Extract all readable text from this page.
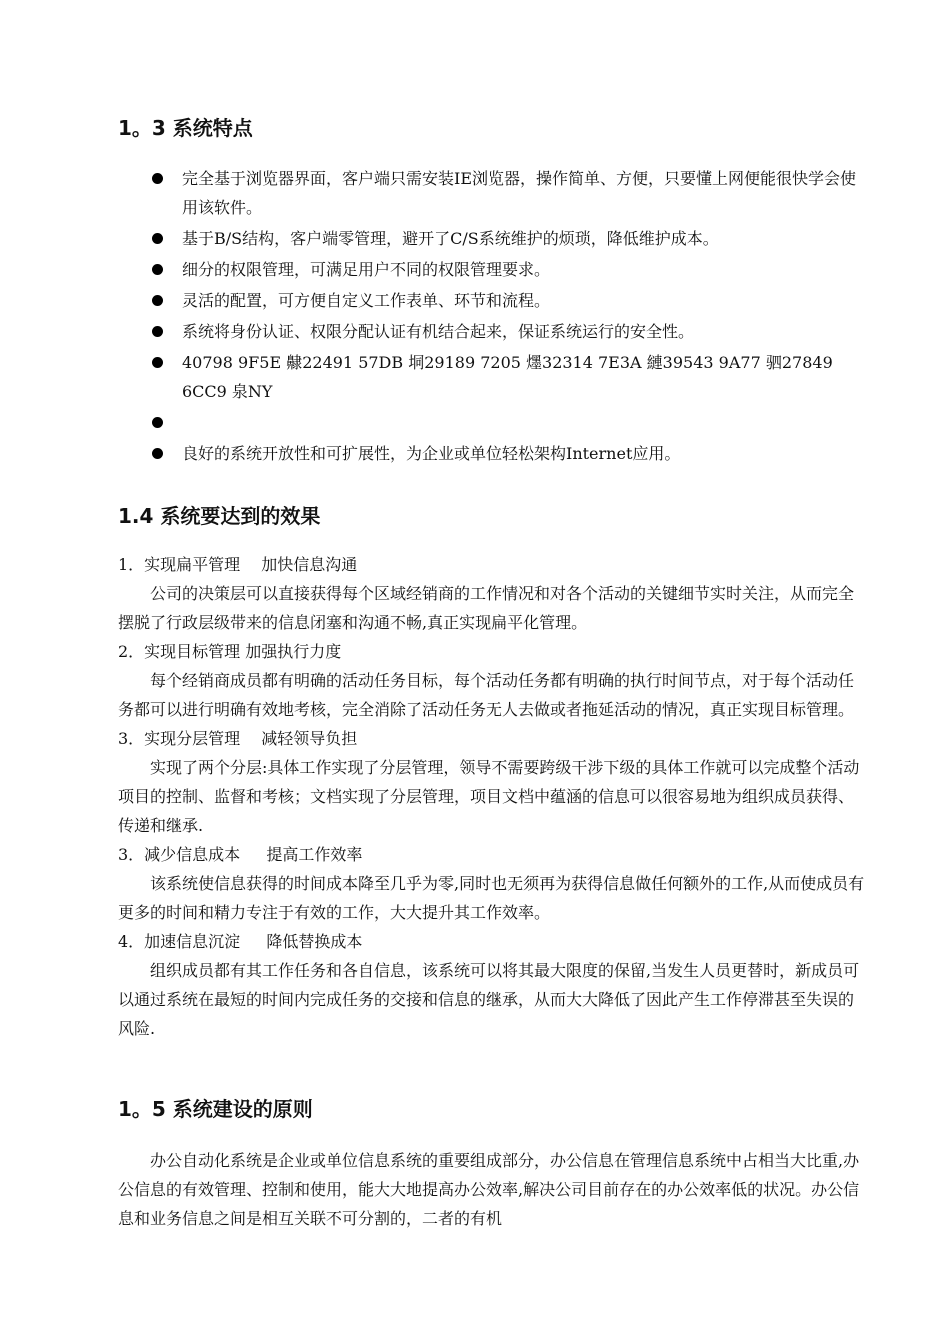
1。3 系统特点
完全基于浏览器界面，客户端只需安装IE浏览器，操作简单、方便，只要懂上网便能很快学会使用该软件。
基于B/S结构，客户端零管理，避开了C/S系统维护的烦琐，降低维护成本。
细分的权限管理，可满足用户不同的权限管理要求。
灵活的配置，可方便自定义工作表单、环节和流程。
系统将身份认证、权限分配认证有机结合起来，保证系统运行的安全性。
40798 9F5E 齂22491 57DB 垌29189 7205 爅32314 7E3A 縺39543 9A77 驷27849 6CC9 泉NY
良好的系统开放性和可扩展性，为企业或单位轻松架构Internet应用。
1.4 系统要达到的效果

1．实现扁平管理　 加快信息沟通

公司的决策层可以直接获得每个区域经销商的工作情况和对各个活动的关键细节实时关注，从而完全摆脱了行政层级带来的信息闭塞和沟通不畅,真正实现扁平化管理。

2．实现目标管理 加强执行力度

每个经销商成员都有明确的活动任务目标，每个活动任务都有明确的执行时间节点，对于每个活动任务都可以进行明确有效地考核，完全消除了活动任务无人去做或者拖延活动的情况，真正实现目标管理。

3．实现分层管理　 减轻领导负担

实现了两个分层:具体工作实现了分层管理，领导不需要跨级干涉下级的具体工作就可以完成整个活动项目的控制、监督和考核；文档实现了分层管理，项目文档中蕴涵的信息可以很容易地为组织成员获得、传递和继承.

3．减少信息成本 　 提高工作效率

该系统使信息获得的时间成本降至几乎为零,同时也无须再为获得信息做任何额外的工作,从而使成员有更多的时间和精力专注于有效的工作，大大提升其工作效率。

4．加速信息沉淀 　 降低替换成本

组织成员都有其工作任务和各自信息，该系统可以将其最大限度的保留,当发生人员更替时，新成员可以通过系统在最短的时间内完成任务的交接和信息的继承，从而大大降低了因此产生工作停滞甚至失误的风险.

1。5 系统建设的原则

办公自动化系统是企业或单位信息系统的重要组成部分，办公信息在管理信息系统中占相当大比重,办公信息的有效管理、控制和使用，能大大地提高办公效率,解决公司目前存在的办公效率低的状况。办公信息和业务信息之间是相互关联不可分割的，二者的有机
